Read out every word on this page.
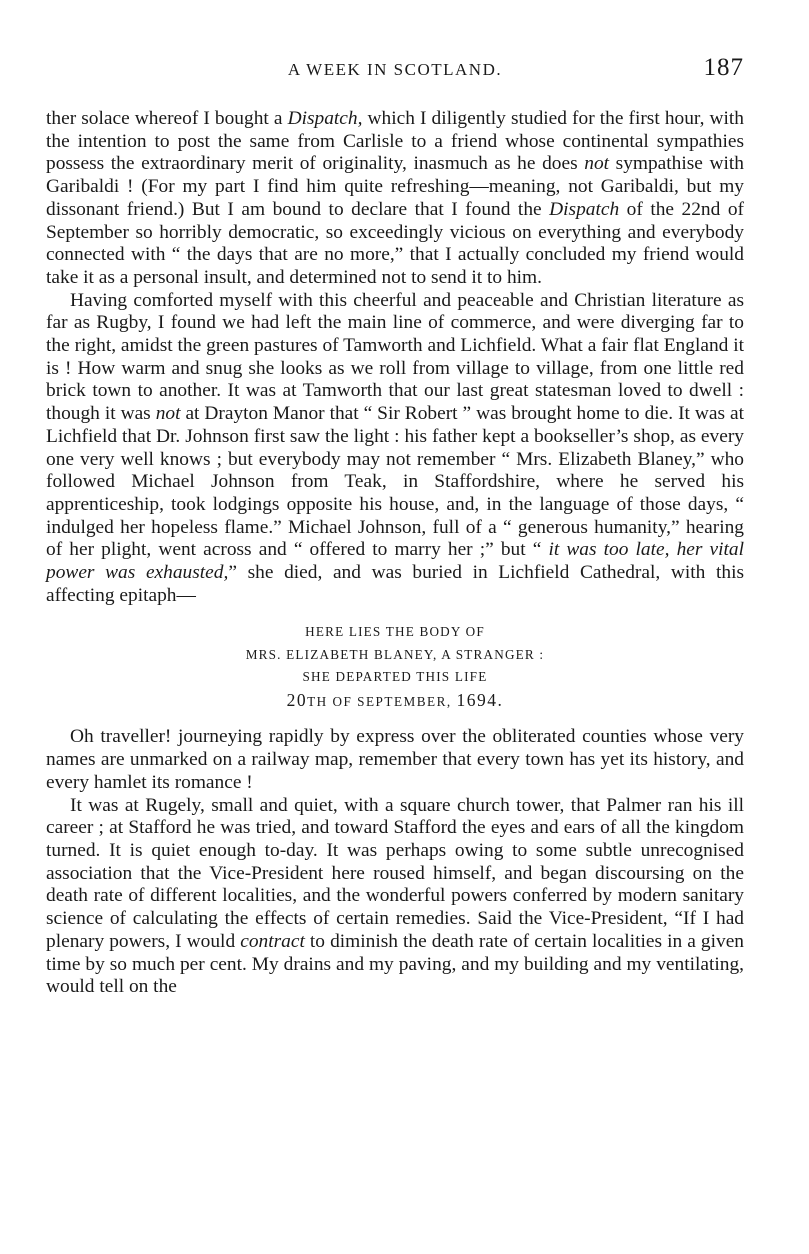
A WEEK IN SCOTLAND.	187

ther solace whereof I bought a Dispatch, which I diligently studied for the first hour, with the intention to post the same from Carlisle to a friend whose continental sympathies possess the extraordinary merit of originality, inasmuch as he does not sympathise with Garibaldi ! (For my part I find him quite refreshing—meaning, not Garibaldi, but my dissonant friend.) But I am bound to declare that I found the Dispatch of the 22nd of September so horribly democratic, so exceedingly vicious on everything and everybody connected with “ the days that are no more,” that I actually concluded my friend would take it as a personal insult, and determined not to send it to him.

Having comforted myself with this cheerful and peaceable and Christian literature as far as Rugby, I found we had left the main line of commerce, and were diverging far to the right, amidst the green pastures of Tamworth and Lichfield. What a fair flat England it is ! How warm and snug she looks as we roll from village to village, from one little red brick town to another. It was at Tamworth that our last great statesman loved to dwell : though it was not at Drayton Manor that “ Sir Robert ” was brought home to die. It was at Lichfield that Dr. Johnson first saw the light : his father kept a bookseller’s shop, as every one very well knows ; but everybody may not remember “ Mrs. Elizabeth Blaney,” who followed Michael Johnson from Teak, in Staffordshire, where he served his apprenticeship, took lodgings opposite his house, and, in the language of those days, “ indulged her hopeless flame.” Michael Johnson, full of a “ generous humanity,” hearing of her plight, went across and “ offered to marry her ;” but “ it was too late, her vital power was exhausted,” she died, and was buried in Lichfield Cathedral, with this affecting epitaph—

HERE LIES THE BODY OF
MRS. ELIZABETH BLANEY, A STRANGER :
SHE DEPARTED THIS LIFE
20TH OF SEPTEMBER, 1694.

Oh traveller! journeying rapidly by express over the obliterated counties whose very names are unmarked on a railway map, remember that every town has yet its history, and every hamlet its romance !

It was at Rugely, small and quiet, with a square church tower, that Palmer ran his ill career ; at Stafford he was tried, and toward Stafford the eyes and ears of all the kingdom turned. It is quiet enough to-day. It was perhaps owing to some subtle unrecognised association that the Vice-President here roused himself, and began discoursing on the death rate of different localities, and the wonderful powers conferred by modern sanitary science of calculating the effects of certain remedies. Said the Vice-President, “If I had plenary powers, I would contract to diminish the death rate of certain localities in a given time by so much per cent. My drains and my paving, and my building and my ventilating, would tell on the
